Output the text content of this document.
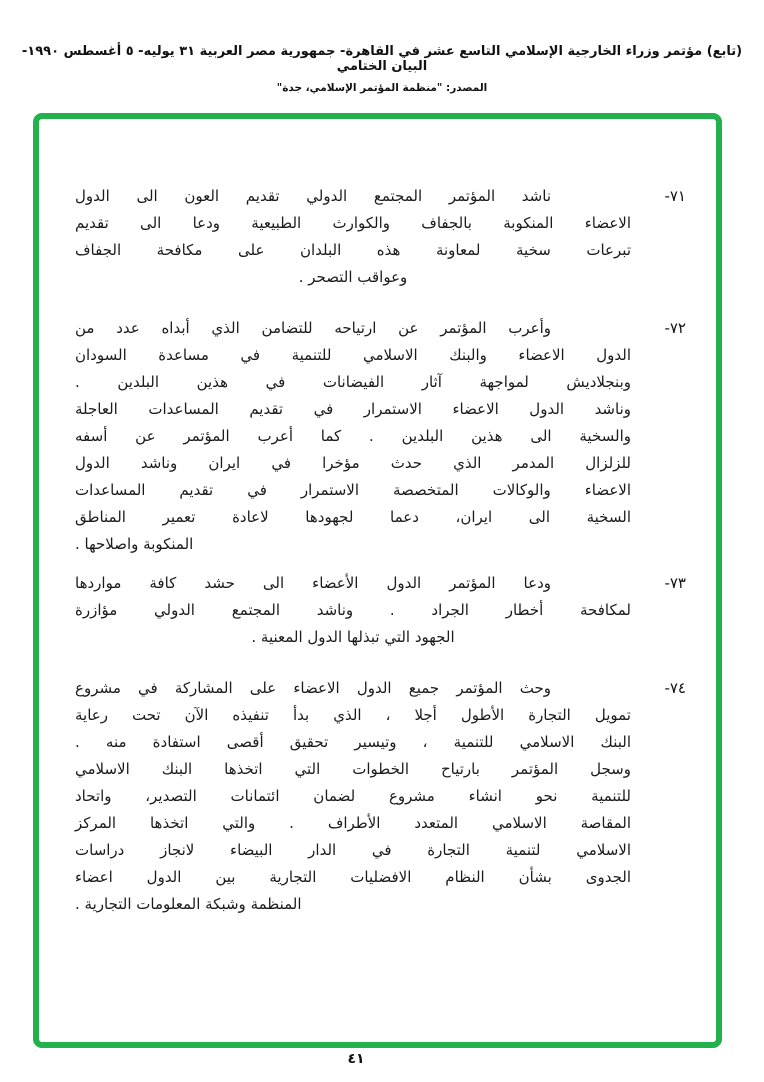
(تابع) مؤتمر وزراء الخارجية الإسلامي التاسع عشر في القاهرة- جمهورية مصر العربية ٣١ يوليه- ٥ أغسطس ١٩٩٠- البيان الختامي
المصدر: "منظمة المؤتمر الإسلامي، جدة"
٧١-
ناشد المؤتمر المجتمع الدولي تقديم العون الى الدول
الاعضاء المنكوبة بالجفاف والكوارث الطبيعية ودعا الى تقديم
تبرعات سخية لمعاونة هذه البلدان على مكافحة الجفاف
وعواقب التصحر .
٧٢-
وأعرب المؤتمر عن ارتياحه للتضامن الذي أبداه عدد من
الدول الاعضاء والبنك الاسلامي للتنمية في مساعدة السودان
وبنجلاديش لمواجهة آثار الفيضانات في هذين البلدين .
وناشد الدول الاعضاء الاستمرار في تقديم المساعدات العاجلة
والسخية الى هذين البلدين . كما أعرب المؤتمر عن أسفه
للزلزال المدمر الذي حدث مؤخرا في ايران وناشد الدول
الاعضاء والوكالات المتخصصة الاستمرار في تقديم المساعدات
السخية الى ايران، دعما لجهودها لاعادة تعمير المناطق
المنكوبة واصلاحها .
٧٣-
ودعا المؤتمر الدول الأعضاء الى حشد كافة مواردها
لمكافحة أخطار الجراد . وناشد المجتمع الدولي مؤازرة
الجهود التي تبذلها الدول المعنية .
٧٤-
وحث المؤتمر جميع الدول الاعضاء على المشاركة في مشروع
تمويل التجارة الأطول أجلا ، الذي بدأ تنفيذه الآن تحت رعاية
البنك الاسلامي للتنمية ، وتيسير تحقيق أقصى استفادة منه .
وسجل المؤتمر بارتياح الخطوات التي اتخذها البنك الاسلامي
للتنمية نحو انشاء مشروع لضمان ائتمانات التصدير، واتحاد
المقاصة الاسلامي المتعدد الأطراف . والتي اتخذها المركز
الاسلامي لتنمية التجارة في الدار البيضاء لانجاز دراسات
الجدوى بشأن النظام الافضليات التجارية بين الدول اعضاء
المنظمة وشبكة المعلومات التجارية .
٤١
